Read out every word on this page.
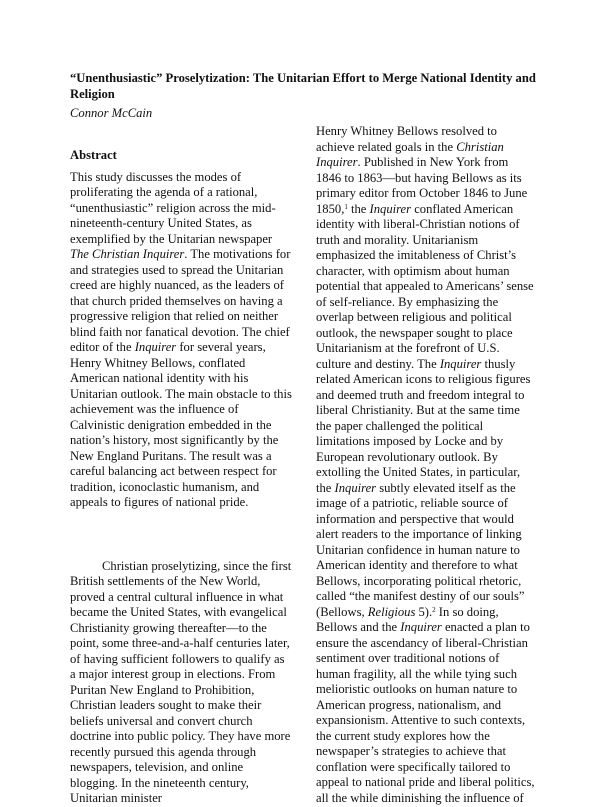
“Unenthusiastic” Proselytization: The Unitarian Effort to Merge National Identity and Religion
Connor McCain
Abstract

This study discusses the modes of proliferating the agenda of a rational, “unenthusiastic” religion across the mid-nineteenth-century United States, as exemplified by the Unitarian newspaper The Christian Inquirer. The motivations for and strategies used to spread the Unitarian creed are highly nuanced, as the leaders of that church prided themselves on having a progressive religion that relied on neither blind faith nor fanatical devotion. The chief editor of the Inquirer for several years, Henry Whitney Bellows, conflated American national identity with his Unitarian outlook. The main obstacle to this achievement was the influence of Calvinistic denigration embedded in the nation’s history, most significantly by the New England Puritans. The result was a careful balancing act between respect for tradition, iconoclastic humanism, and appeals to figures of national pride.

Christian proselytizing, since the first British settlements of the New World, proved a central cultural influence in what became the United States, with evangelical Christianity growing thereafter—to the point, some three-and-a-half centuries later, of having sufficient followers to qualify as a major interest group in elections. From Puritan New England to Prohibition, Christian leaders sought to make their beliefs universal and convert church doctrine into public policy. They have more recently pursued this agenda through newspapers, television, and online blogging. In the nineteenth century, Unitarian minister

Henry Whitney Bellows resolved to achieve related goals in the Christian Inquirer. Published in New York from 1846 to 1863—but having Bellows as its primary editor from October 1846 to June 1850,$^1$ the Inquirer conflated American identity with liberal-Christian notions of truth and morality. Unitarianism emphasized the imitableness of Christ’s character, with optimism about human potential that appealed to Americans’ sense of self-reliance. By emphasizing the overlap between religious and political outlook, the newspaper sought to place Unitarianism at the forefront of U.S. culture and destiny. The Inquirer thusly related American icons to religious figures and deemed truth and freedom integral to liberal Christianity. But at the same time the paper challenged the political limitations imposed by Locke and by European revolutionary outlook. By extolling the United States, in particular, the Inquirer subtly elevated itself as the image of a patriotic, reliable source of information and perspective that would alert readers to the importance of linking Unitarian confidence in human nature to American identity and therefore to what Bellows, incorporating political rhetoric, called “the manifest destiny of our souls” (Bellows, Religious 5).$^2$ In so doing, Bellows and the Inquirer enacted a plan to ensure the ascendancy of liberal-Christian sentiment over traditional notions of human fragility, all the while tying such melioristic outlooks on human nature to American progress, nationalism, and expansionism. Attentive to such contexts, the current study explores how the newspaper’s strategies to achieve that conflation were specifically tailored to appeal to national pride and liberal politics, all the while diminishing the influence of
